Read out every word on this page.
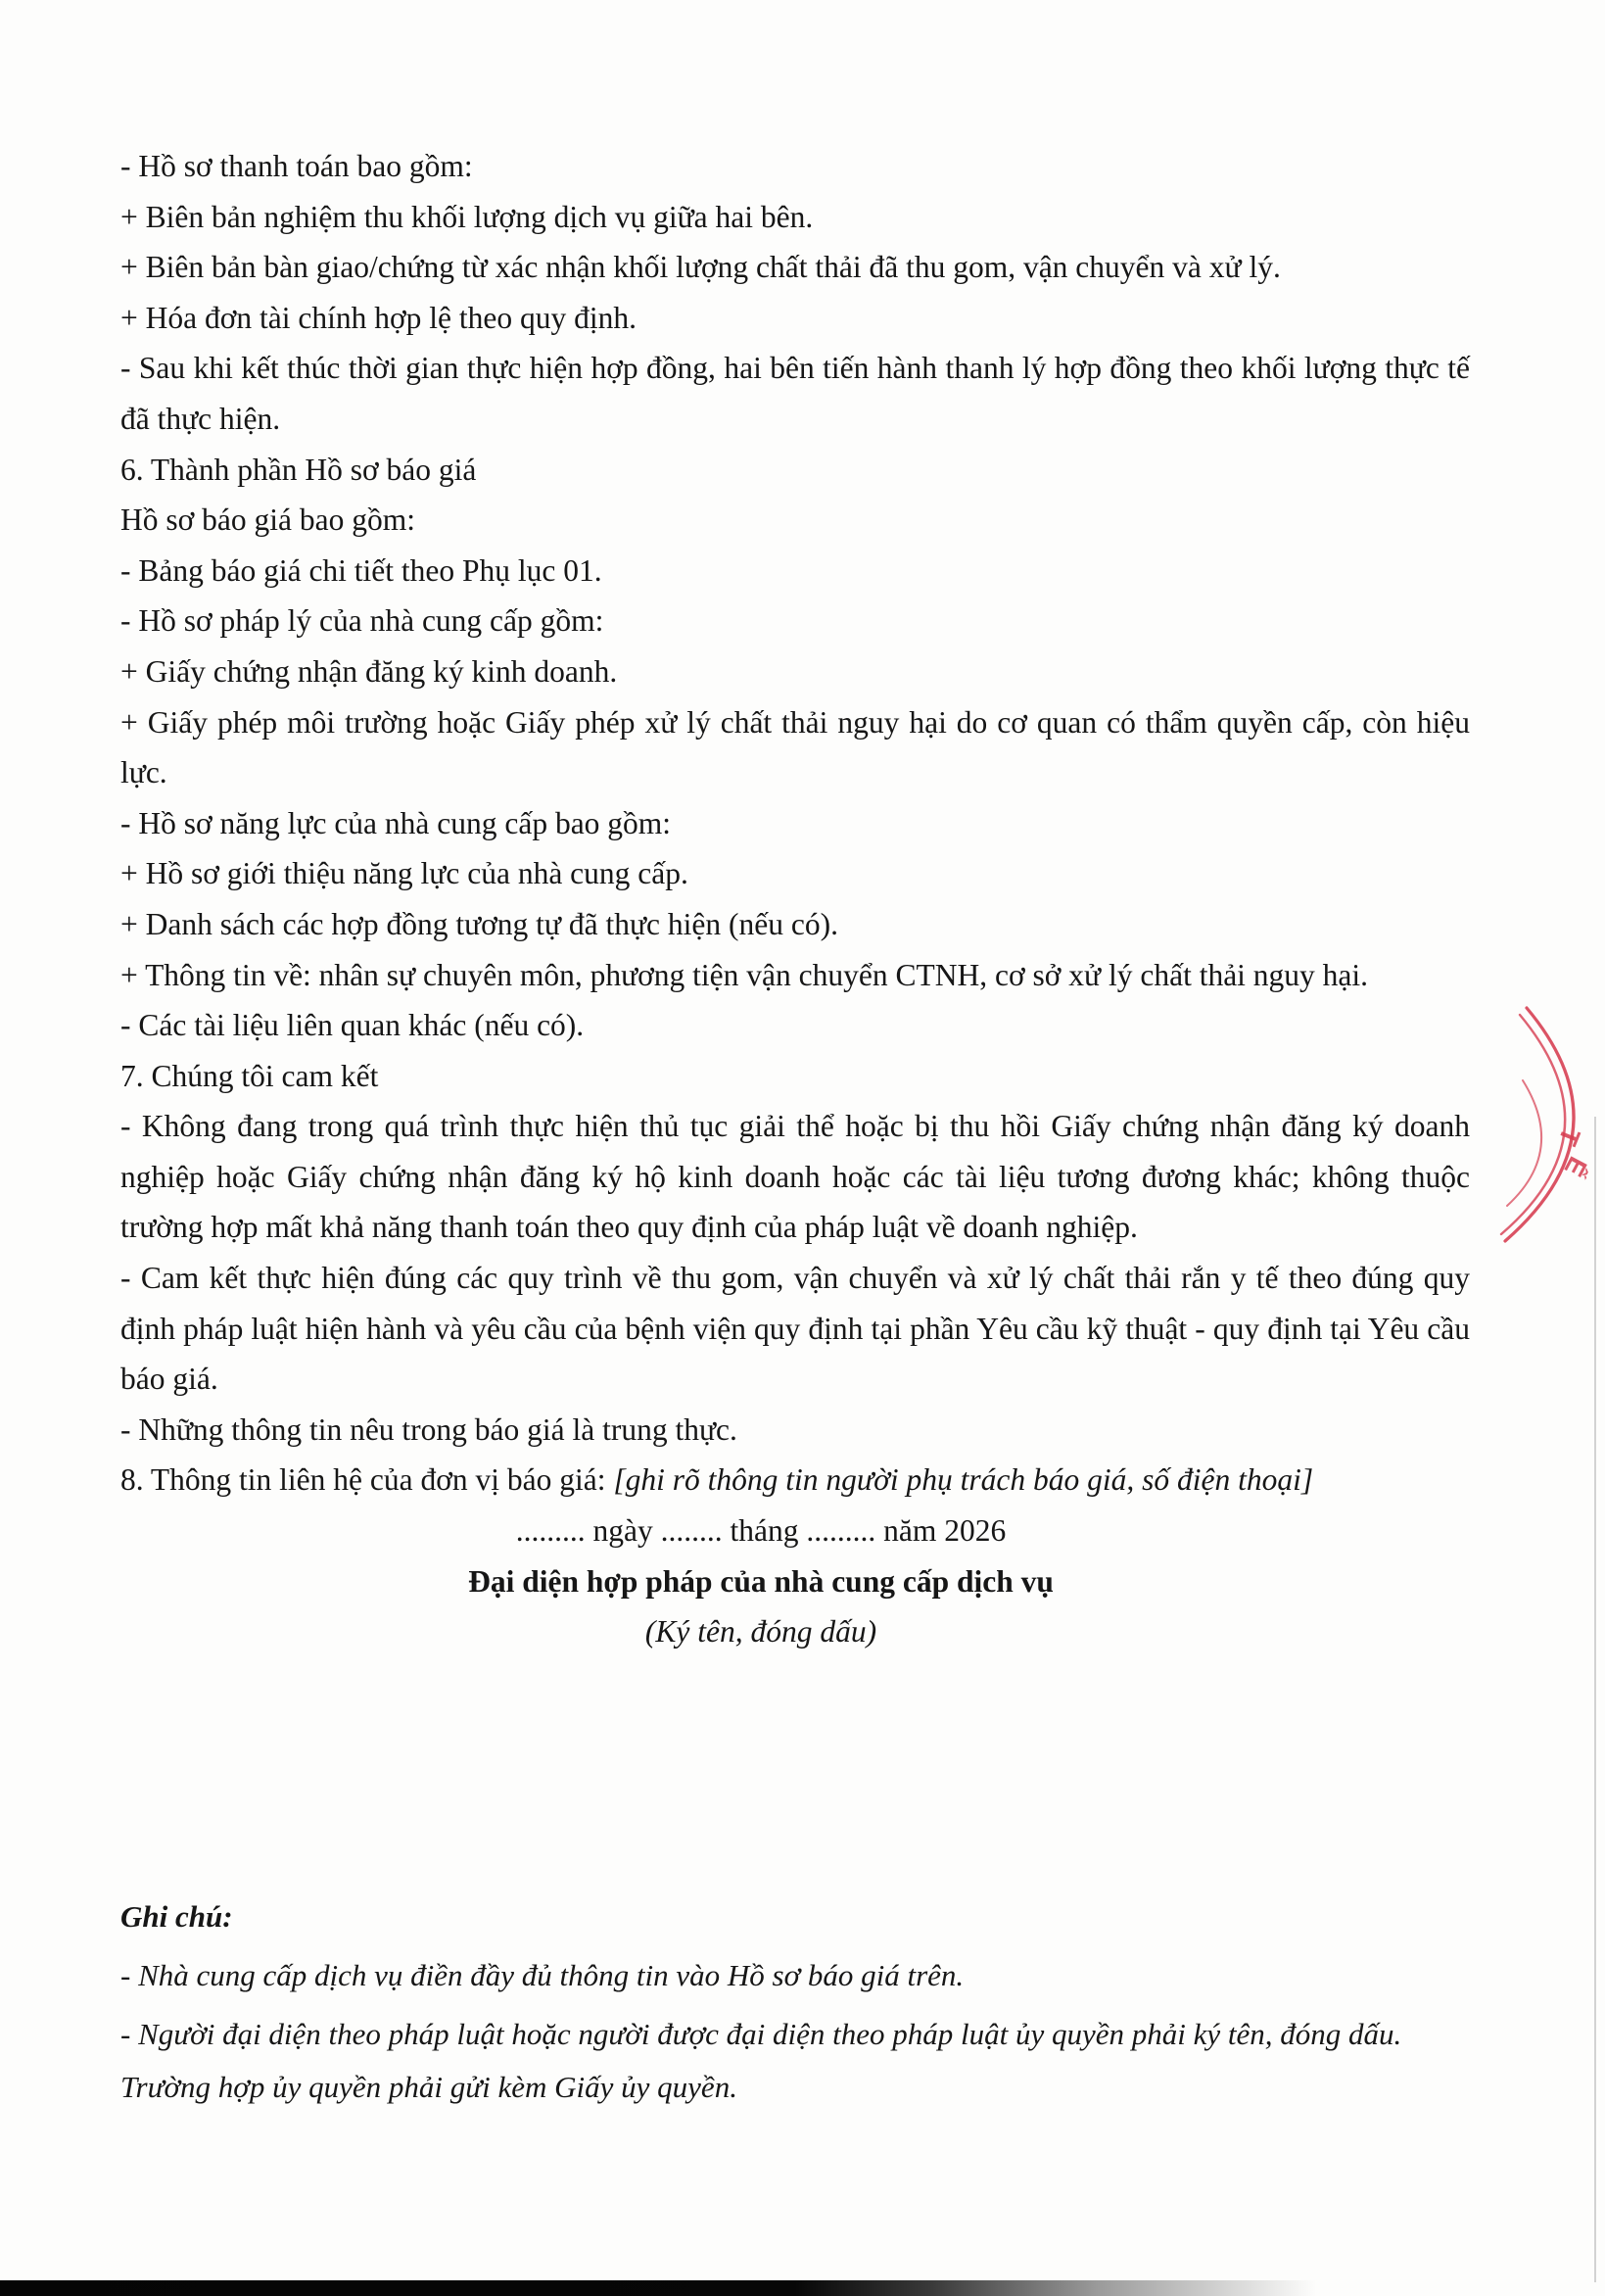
- Hồ sơ thanh toán bao gồm:

+ Biên bản nghiệm thu khối lượng dịch vụ giữa hai bên.

+ Biên bản bàn giao/chứng từ xác nhận khối lượng chất thải đã thu gom, vận chuyển và xử lý.

+ Hóa đơn tài chính hợp lệ theo quy định.

- Sau khi kết thúc thời gian thực hiện hợp đồng, hai bên tiến hành thanh lý hợp đồng theo khối lượng thực tế đã thực hiện.

6. Thành phần Hồ sơ báo giá

Hồ sơ báo giá bao gồm:

- Bảng báo giá chi tiết theo Phụ lục 01.

- Hồ sơ pháp lý của nhà cung cấp gồm:

+ Giấy chứng nhận đăng ký kinh doanh.

+ Giấy phép môi trường hoặc Giấy phép xử lý chất thải nguy hại do cơ quan có thẩm quyền cấp, còn hiệu lực.

- Hồ sơ năng lực của nhà cung cấp bao gồm:

+ Hồ sơ giới thiệu năng lực của nhà cung cấp.

+ Danh sách các hợp đồng tương tự đã thực hiện (nếu có).

+ Thông tin về: nhân sự chuyên môn, phương tiện vận chuyển CTNH, cơ sở xử lý chất thải nguy hại.

- Các tài liệu liên quan khác (nếu có).

7. Chúng tôi cam kết

- Không đang trong quá trình thực hiện thủ tục giải thể hoặc bị thu hồi Giấy chứng nhận đăng ký doanh nghiệp hoặc Giấy chứng nhận đăng ký hộ kinh doanh hoặc các tài liệu tương đương khác; không thuộc trường hợp mất khả năng thanh toán theo quy định của pháp luật về doanh nghiệp.

- Cam kết thực hiện đúng các quy trình về thu gom, vận chuyển và xử lý chất thải rắn y tế theo đúng quy định pháp luật hiện hành và yêu cầu của bệnh viện quy định tại phần Yêu cầu kỹ thuật - quy định tại Yêu cầu báo giá.

- Những thông tin nêu trong báo giá là trung thực.

8. Thông tin liên hệ của đơn vị báo giá: [ghi rõ thông tin người phụ trách báo giá, số điện thoại]

......... ngày ........ tháng ......... năm 2026
Đại diện hợp pháp của nhà cung cấp dịch vụ
(Ký tên, đóng dấu)

Ghi chú:

- Nhà cung cấp dịch vụ điền đầy đủ thông tin vào Hồ sơ báo giá trên.

- Người đại diện theo pháp luật hoặc người được đại diện theo pháp luật ủy quyền phải ký tên, đóng dấu. Trường hợp ủy quyền phải gửi kèm Giấy ủy quyền.

T
Ế
